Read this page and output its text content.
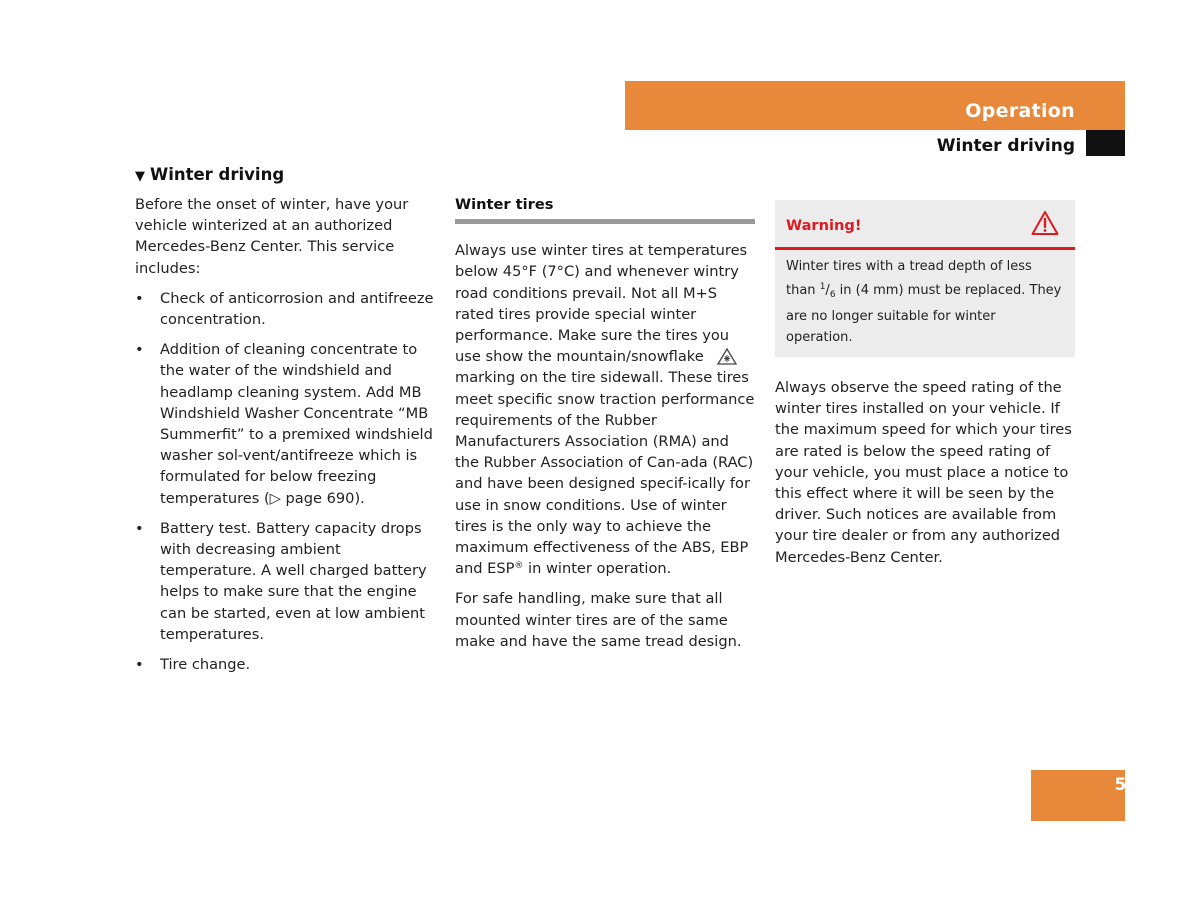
Operation
Winter driving
▼ Winter driving

Before the onset of winter, have your vehicle winterized at an authorized Mercedes-Benz Center. This service includes:

• Check of anticorrosion and antifreeze concentration.
• Addition of cleaning concentrate to the water of the windshield and headlamp cleaning system. Add MB Windshield Washer Concentrate “MB Summerfit” to a premixed windshield washer sol-vent/antifreeze which is formulated for below freezing temperatures (▷ page 690).
• Battery test. Battery capacity drops with decreasing ambient temperature. A well charged battery helps to make sure that the engine can be started, even at low ambient temperatures.
• Tire change.
Winter tires

Always use winter tires at temperatures below 45°F (7°C) and whenever wintry road conditions prevail. Not all M+S rated tires provide special winter performance. Make sure the tires you use show the mountain/snowflake  marking on the tire sidewall. These tires meet specific snow traction performance requirements of the Rubber Manufacturers Association (RMA) and the Rubber Association of Can-ada (RAC) and have been designed specif-ically for use in snow conditions. Use of winter tires is the only way to achieve the maximum effectiveness of the ABS, EBP and ESP® in winter operation.

For safe handling, make sure that all mounted winter tires are of the same make and have the same tread design.

Warning!
Winter tires with a tread depth of less than $^1/_6$ in (4 mm) must be replaced. They are no longer suitable for winter operation.

Always observe the speed rating of the winter tires installed on your vehicle. If the maximum speed for which your tires are rated is below the speed rating of your vehicle, you must place a notice to this effect where it will be seen by the driver. Such notices are available from your tire dealer or from any authorized Mercedes-Benz Center.

549
